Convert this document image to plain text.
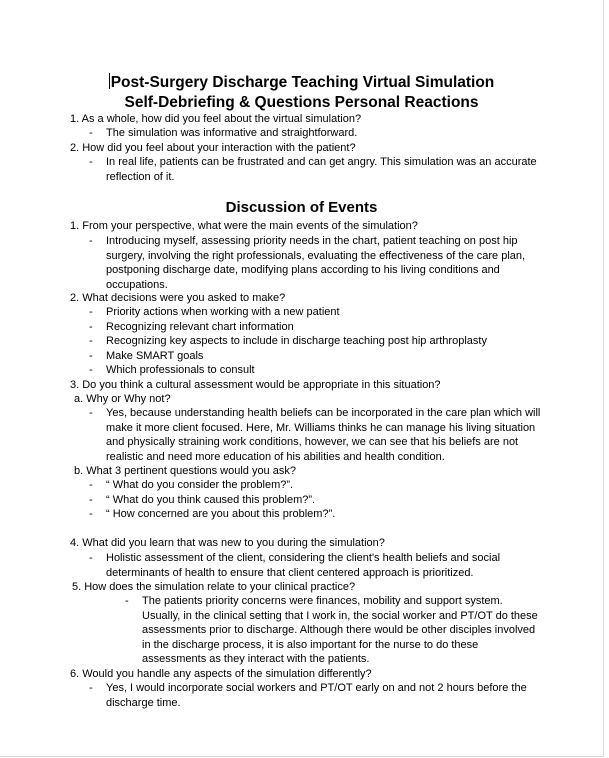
Post-Surgery Discharge Teaching Virtual Simulation
Self-Debriefing & Questions Personal Reactions
1. As a whole, how did you feel about the virtual simulation?
- The simulation was informative and straightforward.
2. How did you feel about your interaction with the patient?
- In real life, patients can be frustrated and can get angry. This simulation was an accurate reflection of it.
Discussion of Events
1. From your perspective, what were the main events of the simulation?
- Introducing myself, assessing priority needs in the chart, patient teaching on post hip surgery, involving the right professionals, evaluating the effectiveness of the care plan, postponing discharge date, modifying plans according to his living conditions and occupations.
2. What decisions were you asked to make?
- Priority actions when working with a new patient
- Recognizing relevant chart information
- Recognizing key aspects to include in discharge teaching post hip arthroplasty
- Make SMART goals
- Which professionals to consult
3. Do you think a cultural assessment would be appropriate in this situation?
a. Why or Why not?
- Yes, because understanding health beliefs can be incorporated in the care plan which will make it more client focused. Here, Mr. Williams thinks he can manage his living situation and physically straining work conditions, however, we can see that his beliefs are not realistic and need more education of his abilities and health condition.
b. What 3 pertinent questions would you ask?
- “ What do you consider the problem?”.
- “ What do you think caused this problem?”.
- “ How concerned are you about this problem?”.
4. What did you learn that was new to you during the simulation?
- Holistic assessment of the client, considering the client's health beliefs and social determinants of health to ensure that client centered approach is prioritized.
5. How does the simulation relate to your clinical practice?
- The patients priority concerns were finances, mobility and support system. Usually, in the clinical setting that I work in, the social worker and PT/OT do these assessments prior to discharge. Although there would be other disciples involved in the discharge process, it is also important for the nurse to do these assessments as they interact with the patients.
6. Would you handle any aspects of the simulation differently?
- Yes, I would incorporate social workers and PT/OT early on and not 2 hours before the discharge time.
